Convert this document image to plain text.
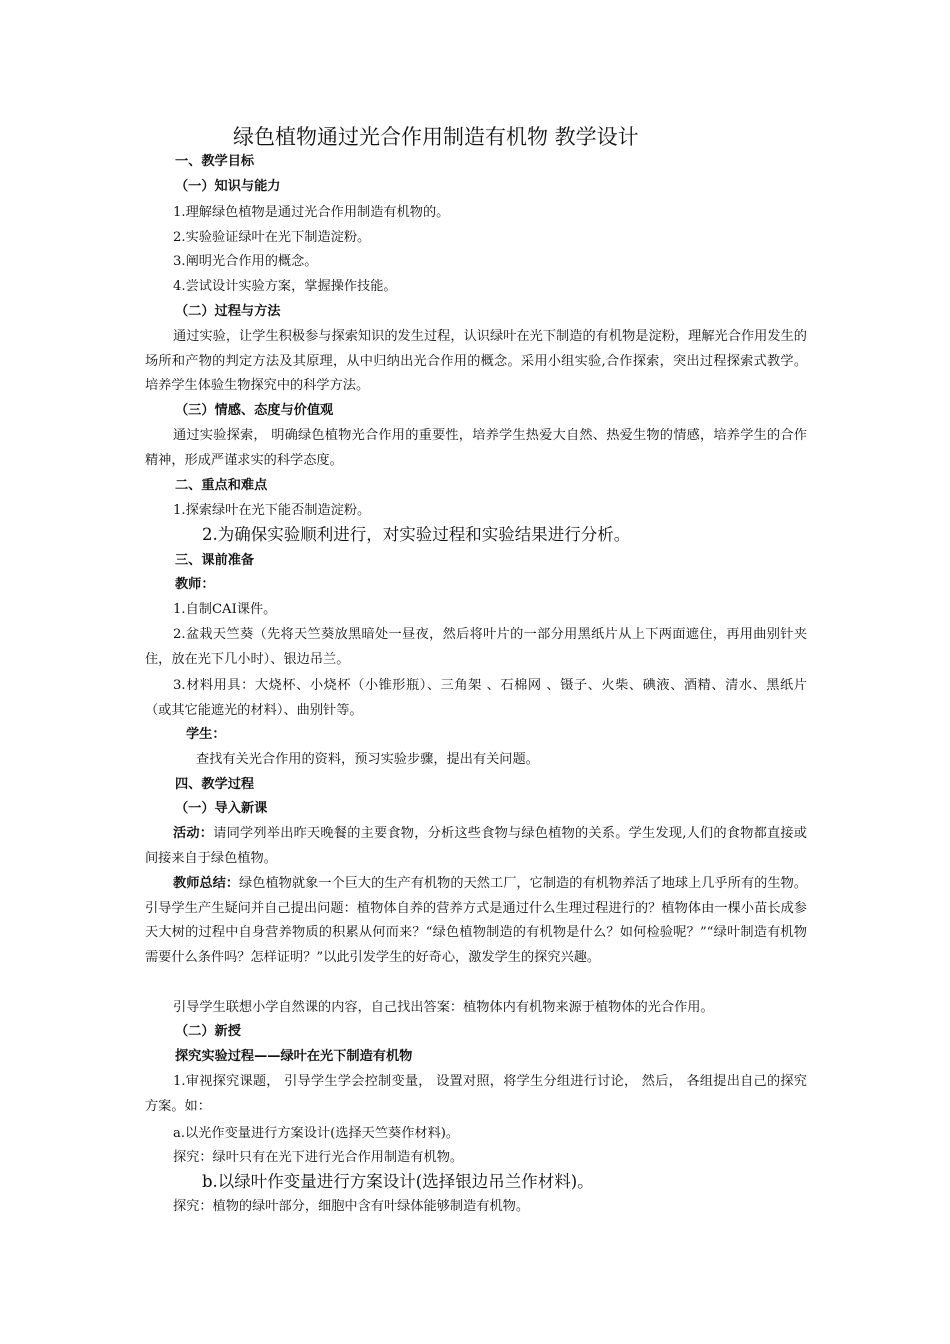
绿色植物通过光合作用制造有机物 教学设计
一、教学目标
（一）知识与能力
1.理解绿色植物是通过光合作用制造有机物的。
2.实验验证绿叶在光下制造淀粉。
3.阐明光合作用的概念。
4.尝试设计实验方案，掌握操作技能。
（二）过程与方法
通过实验，让学生积极参与探索知识的发生过程，认识绿叶在光下制造的有机物是淀粉，理解光合作用发生的场所和产物的判定方法及其原理，从中归纳出光合作用的概念。采用小组实验,合作探索，突出过程探索式教学。培养学生体验生物探究中的科学方法。
（三）情感、态度与价值观
通过实验探索， 明确绿色植物光合作用的重要性，培养学生热爱大自然、热爱生物的情感，培养学生的合作精神，形成严谨求实的科学态度。
二、重点和难点
1.探索绿叶在光下能否制造淀粉。
2.为确保实验顺利进行，对实验过程和实验结果进行分析。
三、课前准备
教师：
1.自制CAI课件。
2.盆栽天竺葵（先将天竺葵放黑暗处一昼夜，然后将叶片的一部分用黑纸片从上下两面遮住，再用曲别针夹住，放在光下几小时）、银边吊兰。
3.材料用具：大烧杯、小烧杯（小锥形瓶）、三角架 、石棉网 、镊子、火柴、碘液、酒精、清水、黑纸片（或其它能遮光的材料）、曲别针等。
学生：
查找有关光合作用的资料，预习实验步骤，提出有关问题。
四、教学过程
（一）导入新课
活动：请同学列举出昨天晚餐的主要食物，分析这些食物与绿色植物的关系。学生发现,人们的食物都直接或间接来自于绿色植物。
教师总结：绿色植物就象一个巨大的生产有机物的天然工厂，它制造的有机物养活了地球上几乎所有的生物。引导学生产生疑问并自己提出问题：植物体自养的营养方式是通过什么生理过程进行的？植物体由一棵小苗长成参天大树的过程中自身营养物质的积累从何而来？“绿色植物制造的有机物是什么？如何检验呢？”“绿叶制造有机物需要什么条件吗？怎样证明？”以此引发学生的好奇心，激发学生的探究兴趣。
引导学生联想小学自然课的内容，自己找出答案：植物体内有机物来源于植物体的光合作用。
（二）新授
探究实验过程——绿叶在光下制造有机物
1.审视探究课题， 引导学生学会控制变量， 设置对照，将学生分组进行讨论， 然后， 各组提出自己的探究方案。如：
a.以光作变量进行方案设计(选择天竺葵作材料)。
探究：绿叶只有在光下进行光合作用制造有机物。
b.以绿叶作变量进行方案设计(选择银边吊兰作材料)。
探究：植物的绿叶部分，细胞中含有叶绿体能够制造有机物。
